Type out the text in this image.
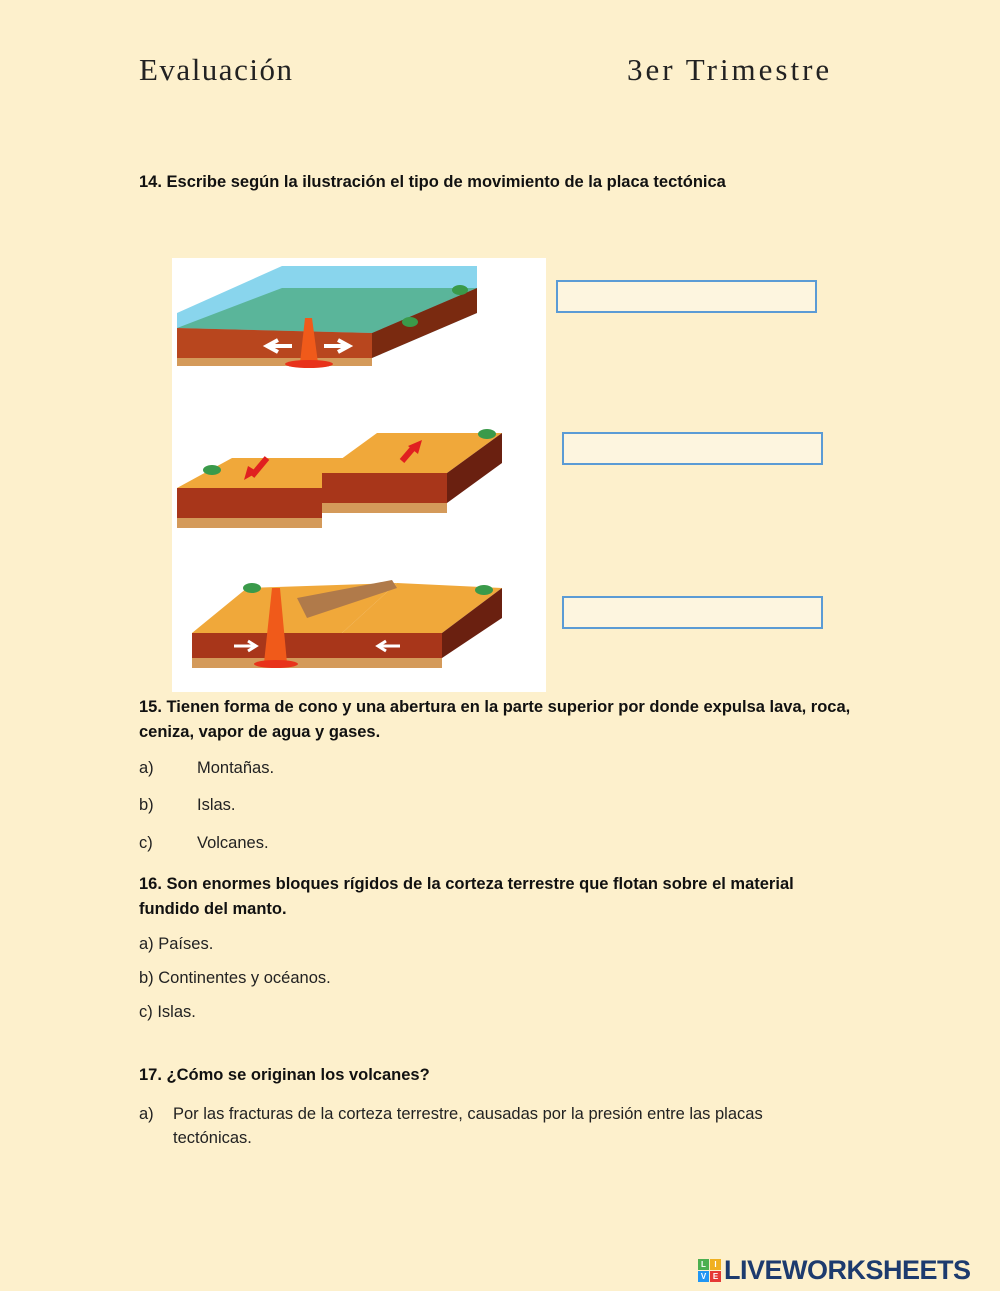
Evaluación	3er Trimestre
14. Escribe según la ilustración el tipo de movimiento de la placa tectónica
15. Tienen forma de cono y una abertura en la parte superior por donde expulsa lava, roca, ceniza, vapor de agua y gases.
a)	Montañas.
b)	Islas.
c)	Volcanes.
16. Son enormes bloques rígidos de la corteza terrestre que flotan sobre el material fundido del manto.
a) Países.
b) Continentes y océanos.
c) Islas.
17. ¿Cómo se originan los volcanes?
a)	Por las fracturas de la corteza terrestre, causadas por la presión entre las placas tectónicas.
L	I
V E LIVEWORKSHEETS
